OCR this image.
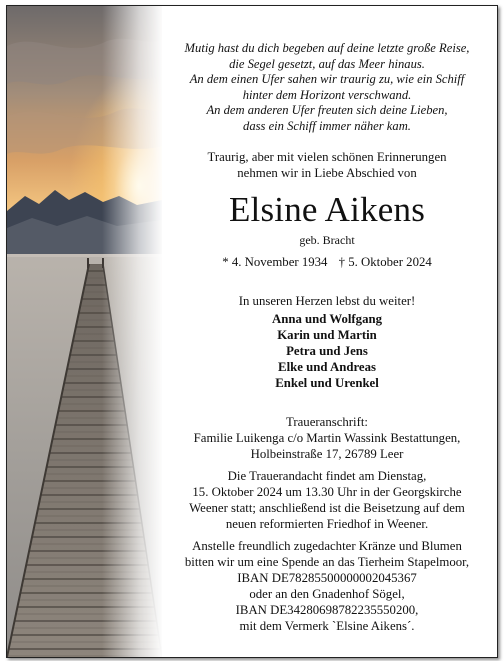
Mutig hast du dich begeben auf deine letzte große Reise,
die Segel gesetzt, auf das Meer hinaus.
An dem einen Ufer sahen wir traurig zu, wie ein Schiff
hinter dem Horizont verschwand.
An dem anderen Ufer freuten sich deine Lieben,
dass ein Schiff immer näher kam.
Traurig, aber mit vielen schönen Erinnerungen
nehmen wir in Liebe Abschied von
Elsine Aikens
geb. Bracht
* 4. November 1934 † 5. Oktober 2024
In unseren Herzen lebst du weiter!
Anna und Wolfgang
Karin und Martin
Petra und Jens
Elke und Andreas
Enkel und Urenkel
Traueranschrift:
Familie Luikenga c/o Martin Wassink Bestattungen,
Holbeinstraße 17, 26789 Leer
Die Trauerandacht findet am Dienstag,
15. Oktober 2024 um 13.30 Uhr in der Georgskirche
Weener statt; anschließend ist die Beisetzung auf dem
neuen reformierten Friedhof in Weener.
Anstelle freundlich zugedachter Kränze und Blumen
bitten wir um eine Spende an das Tierheim Stapelmoor,
IBAN DE78285500000002045367
oder an den Gnadenhof Sögel,
IBAN DE34280698782235550200,
mit dem Vermerk `Elsine Aikens´.
